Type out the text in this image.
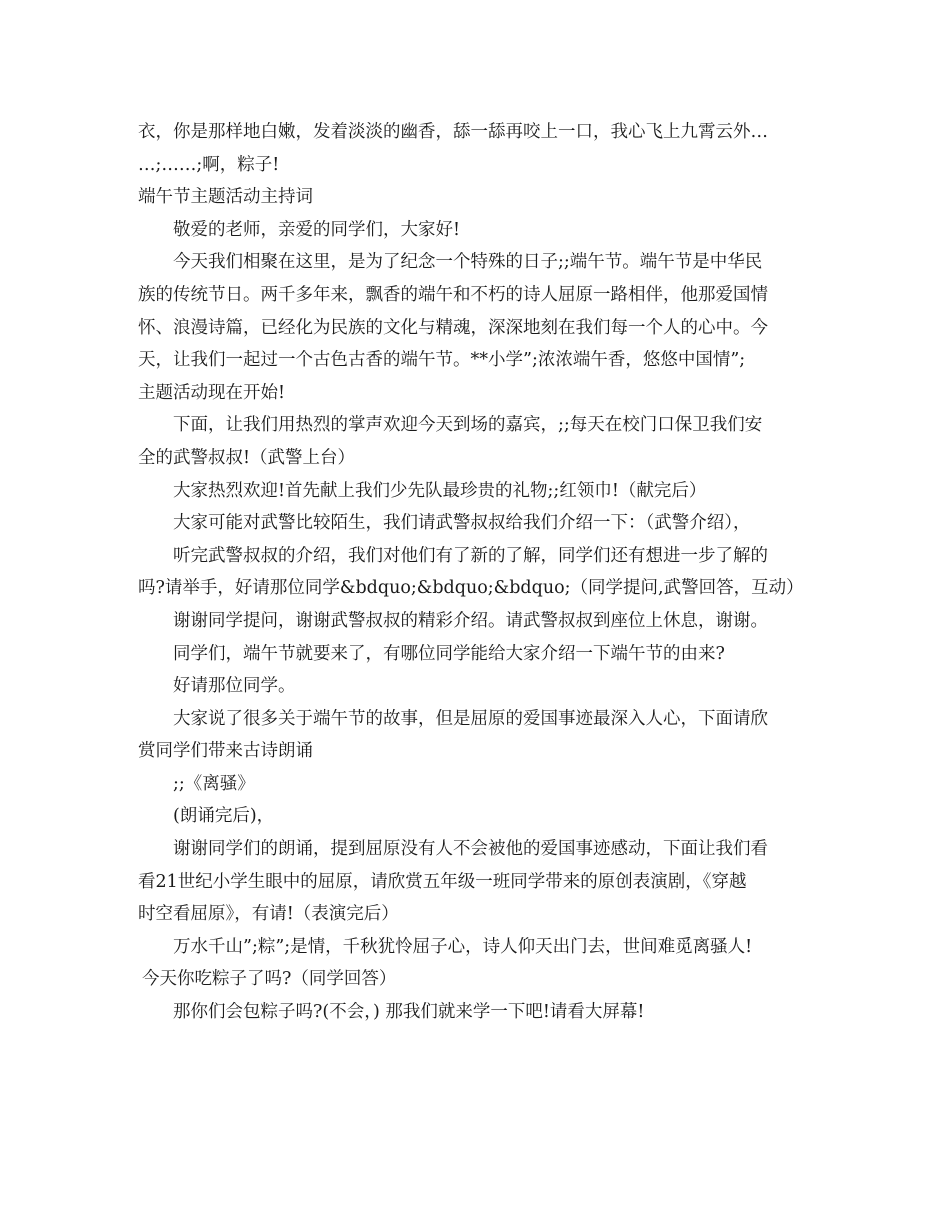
衣，你是那样地白嫩，发着淡淡的幽香，舔一舔再咬上一口，我心飞上九霄云外…
…;……;啊，粽子!
端午节主题活动主持词
敬爱的老师，亲爱的同学们，大家好!
今天我们相聚在这里，是为了纪念一个特殊的日子;;端午节。端午节是中华民
族的传统节日。两千多年来，飘香的端午和不朽的诗人屈原一路相伴，他那爱国情
怀、浪漫诗篇，已经化为民族的文化与精魂，深深地刻在我们每一个人的心中。今
天，让我们一起过一个古色古香的端午节。**小学”;浓浓端午香，悠悠中国情”;
主题活动现在开始!
下面，让我们用热烈的掌声欢迎今天到场的嘉宾，;;每天在校门口保卫我们安
全的武警叔叔!（武警上台）
大家热烈欢迎!首先献上我们少先队最珍贵的礼物;;红领巾!（献完后）
大家可能对武警比较陌生，我们请武警叔叔给我们介绍一下：（武警介绍），
听完武警叔叔的介绍，我们对他们有了新的了解，同学们还有想进一步了解的
吗?请举手，好请那位同学&bdquo;&bdquo;&bdquo;（同学提问,武警回答，互动）
谢谢同学提问，谢谢武警叔叔的精彩介绍。请武警叔叔到座位上休息，谢谢。
同学们，端午节就要来了，有哪位同学能给大家介绍一下端午节的由来?
好请那位同学。
大家说了很多关于端午节的故事，但是屈原的爱国事迹最深入人心，下面请欣
赏同学们带来古诗朗诵
;;《离骚》
(朗诵完后)，
谢谢同学们的朗诵，提到屈原没有人不会被他的爱国事迹感动，下面让我们看
看21世纪小学生眼中的屈原，请欣赏五年级一班同学带来的原创表演剧，《穿越
时空看屈原》，有请!（表演完后）
万水千山”;粽”;是情，千秋犹怜屈子心，诗人仰天出门去，世间难觅离骚人!
今天你吃粽子了吗?（同学回答）
那你们会包粽子吗?(不会，) 那我们就来学一下吧!请看大屏幕!
